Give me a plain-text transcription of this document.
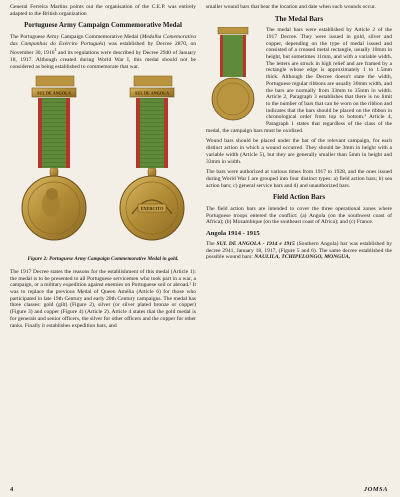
General Ferreira Martins points out the organisation of the C.E.P. was entirely adapted to the British organization

Portuguese Army Campaign Commemorative Medal

The Portuguese Army Campaign Commemorative Medal (Medalha Comemorativa das Campanhas do Exército Português) was established by Decree 2870, on November 30, 1916$^1$ and its regulations were described by Decree 2940 of January 18, 1917. Although created during World War I, this medal should not be considered as being established to commemorate that war.

SUL DE ANGOLA	SUL DE ANGOLA
EXERCITO

Figure 2: Portuguese Army Campaign Commemorative Medal in gold.

The 1917 Decree states the reasons for the establishment of this medal (Article 1): the medal is to be presented to all Portuguese servicemen who took part in a war, a campaign, or a military expedition against enemies on Portuguese soil or abroad.² It was to replace the previous Medal of Queen Amélia (Article 6) for those who participated in late 19th Century and early 20th Century campaigns. The medal has three classes: gold (gilt) (Figure 2), silver (or silver plated bronze or copper) (Figure 3) and copper (Figure 4) (Article 2). Article 4 states that the gold medal is for generals and senior officers, the silver for other officers and the copper for other ranks. Finally it establishes expedition bars, and

smaller wound bars that bear the location and date when such wounds occur.

The Medal Bars

The medal bars were established by Article 2 of the 1917 Decree. They were issued in gold, silver and copper, depending on the type of medal issued and consisted of a creased metal rectangle, usually 10mm in height, but sometimes 11mm, and with a variable width. The letters are struck in high relief and are framed by a rectangle whose edge is approximately 1 to 1.5mm thick. Although the Decree doesn't state the width, Portuguese regular ribbons are usually 30mm width, and the bars are normally from 33mm to 35mm in width. Article 2, Paragraph 3 establishes that there is no limit to the number of bars that can be worn on the ribbon and indicates that the bars should be placed on the ribbon in chronological order from top to bottom.³ Article 4, Paragraph 1 states that regardless of the class of the medal, the campaign bars must be oxidized.

Wound bars should be placed under the bar of the relevant campaign, for each distinct action in which a wound occurred. They should be 3mm in height with a variable width (Article 5), but they are generally smaller than 5mm in height and 33mm in width.

The bars were authorized at various times from 1917 to 1928, and the ones issued during World War I are grouped into four distinct types: a) field action bars; b) sea action bars; c) general service bars and d) and unauthorized bars.

Field Action Bars

The field action bars are intended to cover the three operational zones where Portuguese troops entered the conflict: (a) Angola (on the southwest coast of Africa); (b) Mozambique (on the southeast coast of Africa); and (c) France.

Angola 1914 - 1915

The SUL DE ANGOLA - 1914 e 1915 (Southern Angola) bar was established by decree 2941, January 18, 1917, (Figure 5 and 6). The same decree established the possible wound bars: NAULILA, TCHIPELONGO, MONGUA,

4	JOMSA
